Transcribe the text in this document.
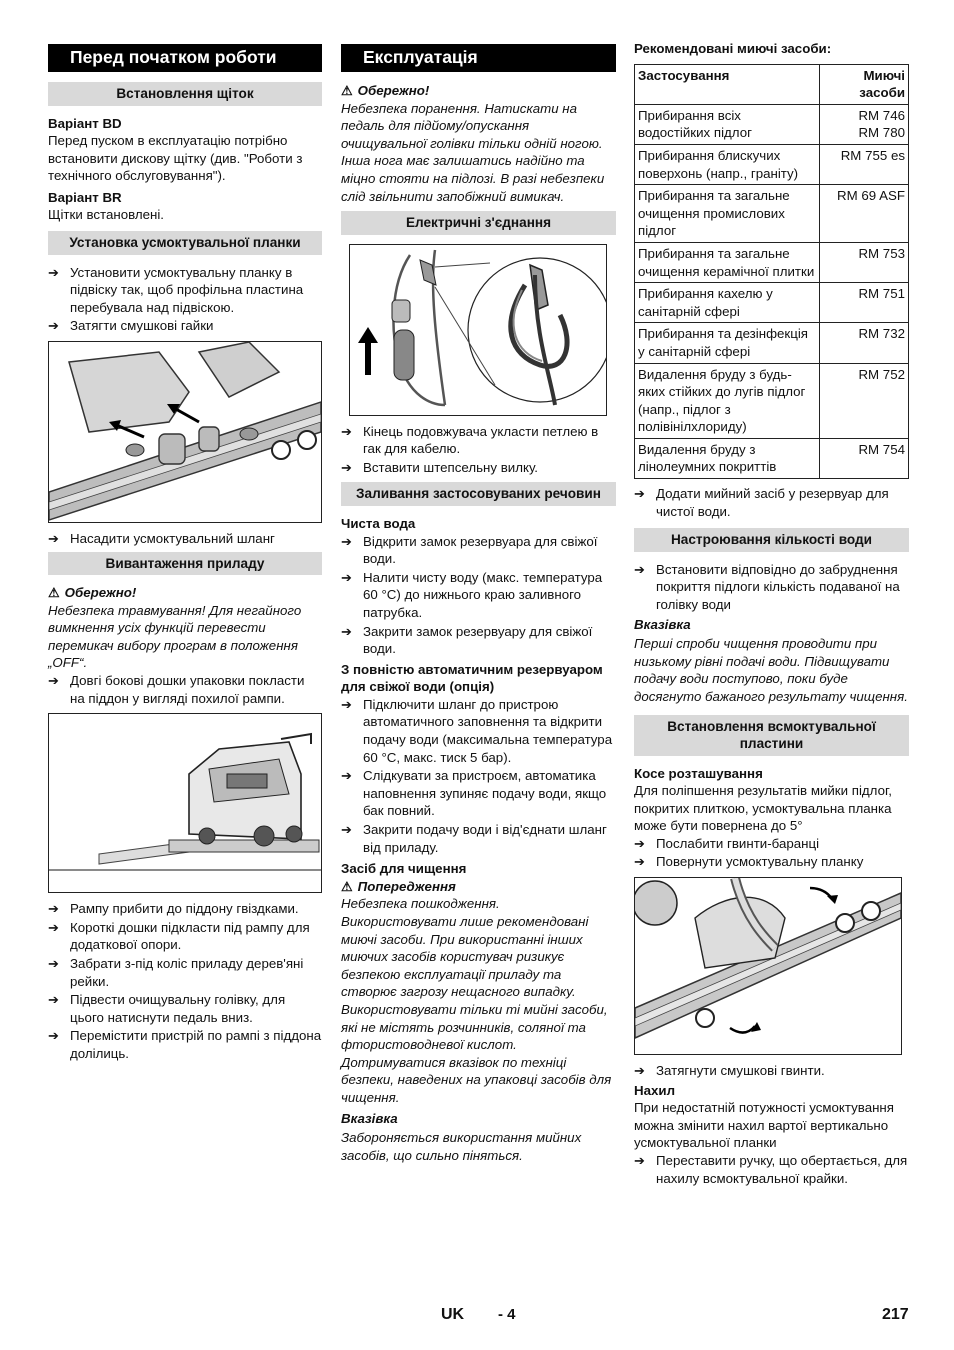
Перед початком роботи
Встановлення щіток
Варіант BD

Перед пуском в експлуатацію потрібно встановити дискову щітку (див. "Роботи з технічного обслуговування").

Варіант BR

Щітки встановлені.

Установка усмоктувальної планки
➔ Установити усмоктувальну планку в підвіску так, щоб профільна пластина перебувала над підвіскою.
➔ Затягти смушкові гайки
➔ Насадити усмоктувальний шланг
Вивантаження приладу
⚠ Обережно!

Небезпека травмування! Для негайного вимкнення усіх функцій перевести перемикач вибору програм в положення „OFF“.

➔ Довгі бокові дошки упаковки покласти на піддон у вигляді похилої рампи.
➔ Рампу прибити до піддону гвіздками.
➔ Короткі дошки підкласти під рампу для додаткової опори.
➔ Забрати з-під коліс приладу дерев'яні рейки.
➔ Підвести очищувальну голівку, для цього натиснути педаль вниз.
➔ Перемістити пристрій по рампі з піддона долілиць.
Експлуатація
⚠ Обережно!

Небезпека поранення. Натискати на педаль для підйому/опускання очищувальної голівки тільки одній ногою. Інша нога має залишатись надійно та міцно стояти на підлозі. В разі небезпеки слід звільнити запобіжний вимикач.

Електричні з'єднання
➔ Кінець подовжувача укласти петлею в гак для кабелю.
➔ Вставити штепсельну вилку.
Заливання застосовуваних речовин
Чиста вода
➔ Відкрити замок резервуара для свіжої води.
➔ Налити чисту воду (макс. температура 60 °C) до нижнього краю заливного патрубка.
➔ Закрити замок резервуару для свіжої води.
З повністю автоматичним резервуаром для свіжої води (опція)
➔ Підключити шланг до пристрою автоматичного заповнення та відкрити подачу води (максимальна температура 60 °C, макс. тиск 5 бар).
➔ Слідкувати за пристроєм, автоматика наповнення зупиняє подачу води, якщо бак повний.
➔ Закрити подачу води і від'єднати шланг від приладу.
Засіб для чищення
⚠ Попередження

Небезпека пошкодження. Використовувати лише рекомендовані миючі засоби. При використанні інших миючих засобів користувач ризикує безпекою експлуатації приладу та створює загрозу нещасного випадку. Використовувати тільки ті мийні засоби, які не містять розчинників, соляної та фтористоводневої кислот. Дотримуватися вказівок по техніці безпеки, наведених на упаковці засобів для чищення.

Вказівка

Забороняється використання мийних засобів, що сильно піняться.

Рекомендовані миючі засоби:
Застосування	Миючі засоби
Прибирання всіх водостійких підлог	RM 746
RM 780
Прибирання блискучих поверхонь (напр., граніту)	RM 755 es
Прибирання та загальне очищення промислових підлог	RM 69 ASF
Прибирання та загальне очищення керамічної плитки	RM 753
Прибирання кахелю у санітарній сфері	RM 751
Прибирання та дезінфекція у санітарній сфері	RM 732
Видалення бруду з будь-яких стійких до лугів підлог (напр., підлог з полівінілхлориду)	RM 752
Видалення бруду з лінолеумних покриттів	RM 754
➔ Додати мийний засіб у резервуар для чистої води.
Настроювання кількості води
➔ Встановити відповідно до забруднення покриття підлоги кількість подаваної на голівку води
Вказівка

Перші спроби чищення проводити при низькому рівні подачі води. Підвищувати подачу води поступово, поки буде досягнуто бажаного результату чищення.

Встановлення всмоктувальної пластини
Косе розташування

Для поліпшення результатів мийки підлог, покритих плиткою, усмоктувальна планка може бути повернена до 5°

➔ Послабити гвинти-баранці
➔ Повернути усмоктувальну планку
➔ Затягнути смушкові гвинти.
Нахил

При недостатній потужності усмоктування можна змінити нахил вартої вертикально усмоктувальної планки

➔ Переставити ручку, що обертається, для нахилу всмоктувальної крайки.
UK - 4	217
